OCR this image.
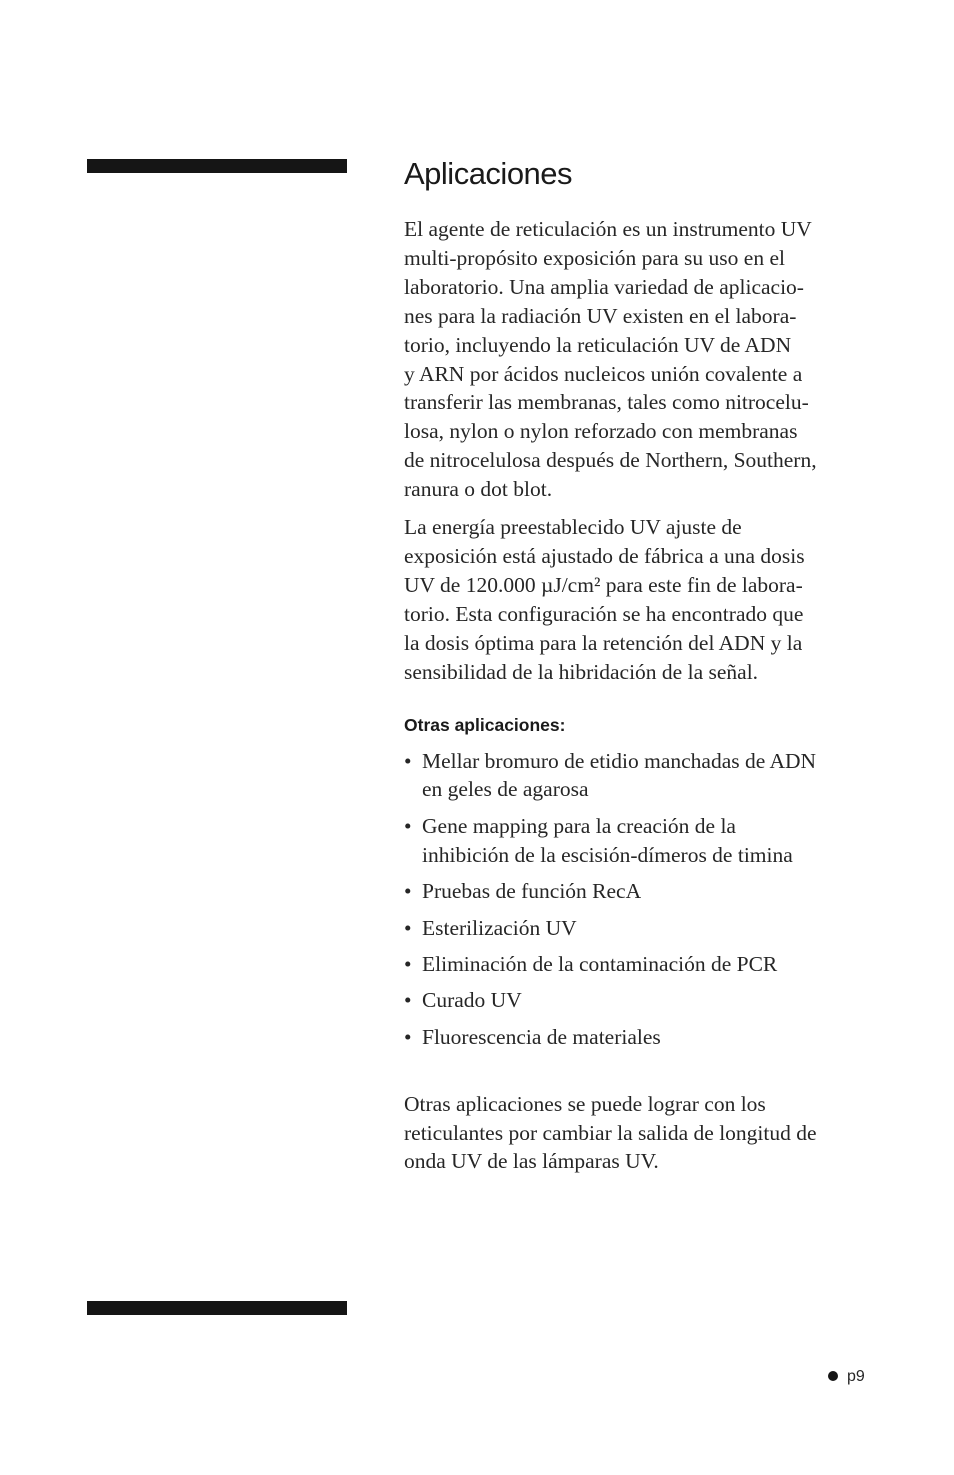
Aplicaciones

El agente de reticulación es un instrumento UV
multi-propósito exposición para su uso en el
laboratorio. Una amplia variedad de aplicacio-
nes para la radiación UV existen en el labora-
torio, incluyendo la reticulación UV de ADN
y ARN por ácidos nucleicos unión covalente a
transferir las membranas, tales como nitrocelu-
losa, nylon o nylon reforzado con membranas
de nitrocelulosa después de Northern, Southern,
ranura o dot blot.

La energía preestablecido UV ajuste de
exposición está ajustado de fábrica a una dosis
UV de 120.000 µJ/cm² para este fin de labora-
torio. Esta configuración se ha encontrado que
la dosis óptima para la retención del ADN y la
sensibilidad de la hibridación de la señal.

Otras aplicaciones:
• Mellar bromuro de etidio manchadas de ADN
en geles de agarosa
• Gene mapping para la creación de la
inhibición de la escisión-dímeros de timina
• Pruebas de función RecA
• Esterilización UV
• Eliminación de la contaminación de PCR
• Curado UV
• Fluorescencia de materiales

Otras aplicaciones se puede lograr con los
reticulantes por cambiar la salida de longitud de
onda UV de las lámparas UV.

p9
